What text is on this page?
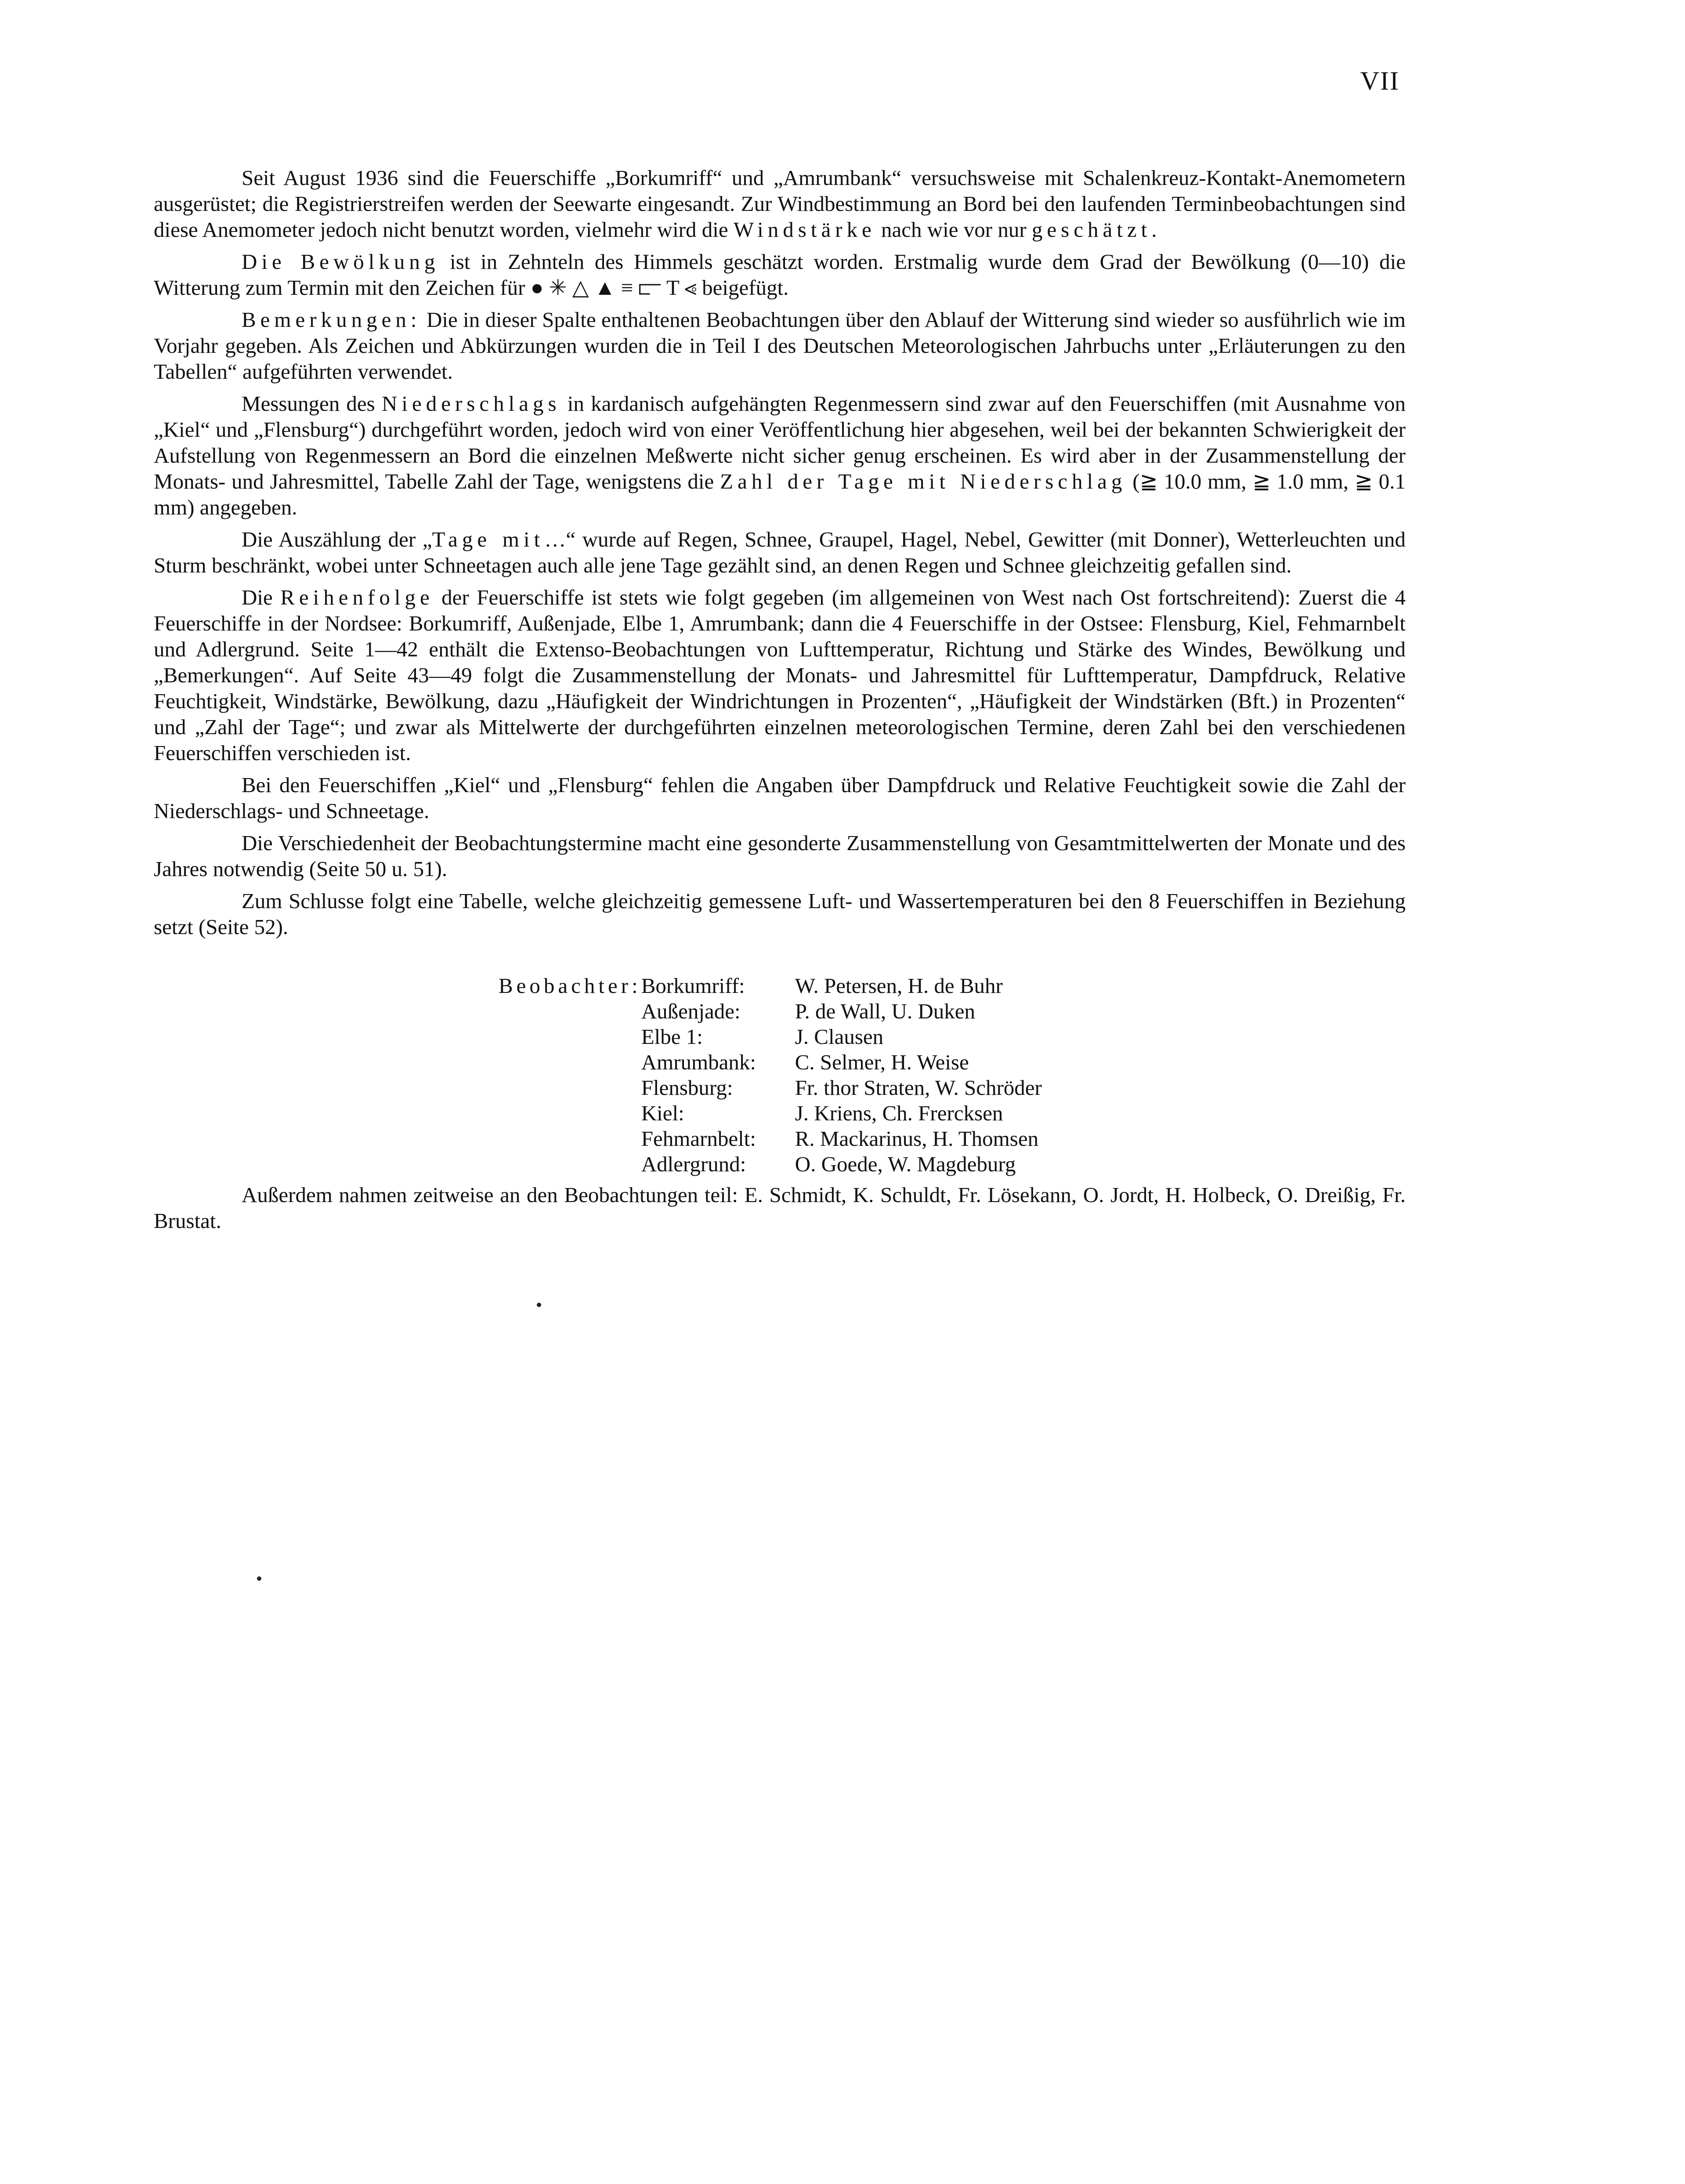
VII

Seit August 1936 sind die Feuerschiffe „Borkumriff“ und „Amrumbank“ versuchsweise mit Schalenkreuz-Kontakt-Anemometern ausgerüstet; die Registrierstreifen werden der Seewarte eingesandt. Zur Windbestimmung an Bord bei den laufenden Terminbeobachtungen sind diese Anemometer jedoch nicht benutzt worden, vielmehr wird die Windstärke nach wie vor nur geschätzt.

Die Bewölkung ist in Zehnteln des Himmels geschätzt worden. Erstmalig wurde dem Grad der Bewölkung (0—10) die Witterung zum Termin mit den Zeichen für ● ✳ △ ▲ ≡ ⫍ T ⩹ beigefügt.

Bemerkungen: Die in dieser Spalte enthaltenen Beobachtungen über den Ablauf der Witterung sind wieder so ausführlich wie im Vorjahr gegeben. Als Zeichen und Abkürzungen wurden die in Teil I des Deutschen Meteorologischen Jahrbuchs unter „Erläuterungen zu den Tabellen“ aufgeführten verwendet.

Messungen des Niederschlags in kardanisch aufgehängten Regenmessern sind zwar auf den Feuerschiffen (mit Ausnahme von „Kiel“ und „Flensburg“) durchgeführt worden, jedoch wird von einer Veröffentlichung hier abgesehen, weil bei der bekannten Schwierigkeit der Aufstellung von Regenmessern an Bord die einzelnen Meßwerte nicht sicher genug erscheinen. Es wird aber in der Zusammenstellung der Monats- und Jahresmittel, Tabelle Zahl der Tage, wenigstens die Zahl der Tage mit Niederschlag (≧ 10.0 mm, ≧ 1.0 mm, ≧ 0.1 mm) angegeben.

Die Auszählung der „Tage mit…“ wurde auf Regen, Schnee, Graupel, Hagel, Nebel, Gewitter (mit Donner), Wetterleuchten und Sturm beschränkt, wobei unter Schneetagen auch alle jene Tage gezählt sind, an denen Regen und Schnee gleichzeitig gefallen sind.

Die Reihenfolge der Feuerschiffe ist stets wie folgt gegeben (im allgemeinen von West nach Ost fortschreitend): Zuerst die 4 Feuerschiffe in der Nordsee: Borkumriff, Außenjade, Elbe 1, Amrumbank; dann die 4 Feuerschiffe in der Ostsee: Flensburg, Kiel, Fehmarnbelt und Adlergrund. Seite 1—42 enthält die Extenso-Beobachtungen von Lufttemperatur, Richtung und Stärke des Windes, Bewölkung und „Bemerkungen“. Auf Seite 43—49 folgt die Zusammenstellung der Monats- und Jahresmittel für Lufttemperatur, Dampfdruck, Relative Feuchtigkeit, Windstärke, Bewölkung, dazu „Häufigkeit der Windrichtungen in Prozenten“, „Häufigkeit der Windstärken (Bft.) in Prozenten“ und „Zahl der Tage“; und zwar als Mittelwerte der durchgeführten einzelnen meteorologischen Termine, deren Zahl bei den verschiedenen Feuerschiffen verschieden ist.

Bei den Feuerschiffen „Kiel“ und „Flensburg“ fehlen die Angaben über Dampfdruck und Relative Feuchtigkeit sowie die Zahl der Niederschlags- und Schneetage.

Die Verschiedenheit der Beobachtungstermine macht eine gesonderte Zusammenstellung von Gesamtmittelwerten der Monate und des Jahres notwendig (Seite 50 u. 51).

Zum Schlusse folgt eine Tabelle, welche gleichzeitig gemessene Luft- und Wassertemperaturen bei den 8 Feuerschiffen in Beziehung setzt (Seite 52).

Beobachter:	Borkumriff:	W. Petersen, H. de Buhr
	Außenjade:	P. de Wall, U. Duken
	Elbe 1:	J. Clausen
	Amrumbank:	C. Selmer, H. Weise
	Flensburg:	Fr. thor Straten, W. Schröder
	Kiel:	J. Kriens, Ch. Frercksen
	Fehmarnbelt:	R. Mackarinus, H. Thomsen
	Adlergrund:	O. Goede, W. Magdeburg

Außerdem nahmen zeitweise an den Beobachtungen teil: E. Schmidt, K. Schuldt, Fr. Lösekann, O. Jordt, H. Holbeck, O. Dreißig, Fr. Brustat.
